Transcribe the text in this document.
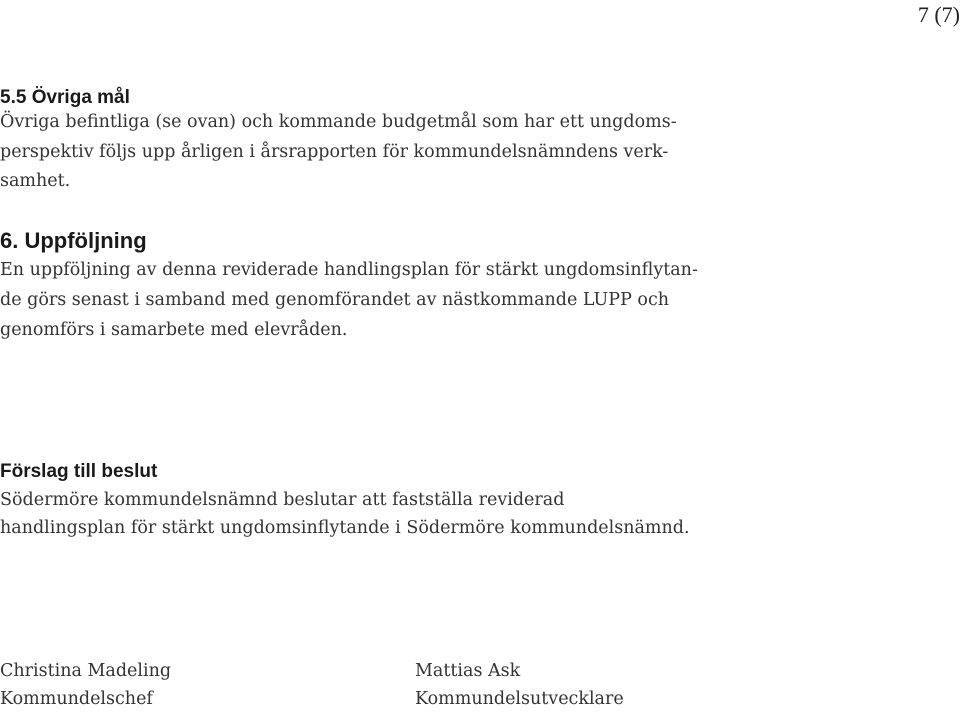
7 (7)
5.5 Övriga mål
Övriga befintliga (se ovan) och kommande budgetmål som har ett ungdoms-
perspektiv följs upp årligen i årsrapporten för kommundelsnämndens verk-
samhet.
6. Uppföljning
En uppföljning av denna reviderade handlingsplan för stärkt ungdomsinflytan-
de görs senast i samband med genomförandet av nästkommande LUPP och
genomförs i samarbete med elevråden.
Förslag till beslut
Södermöre kommundelsnämnd beslutar att fastställa reviderad
handlingsplan för stärkt ungdomsinflytande i Södermöre kommundelsnämnd.
Christina Madeling
Kommundelschef
Mattias Ask
Kommundelsutvecklare
